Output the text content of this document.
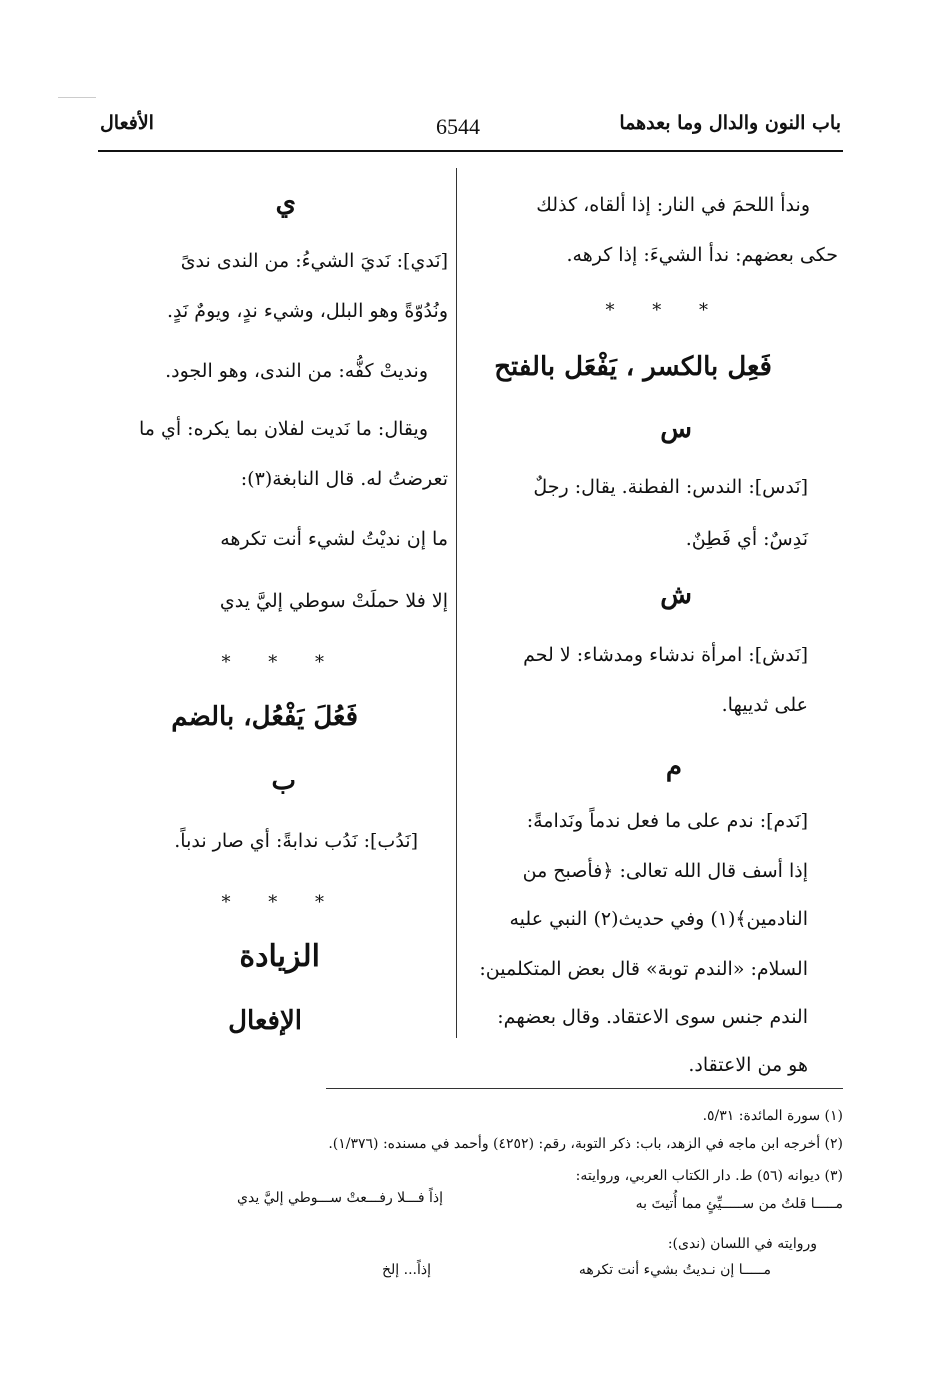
باب النون والدال وما بعدهما
6544
الأفعال
وندأ اللحمَ في النار: إذا ألقاه، كذلك
حكى بعضهم: ندأ الشيءَ: إذا كرهه.
* * *
فَعِل بالكسر ، يَفْعَل بالفتح
س
[نَدس]: الندس: الفطنة. يقال: رجلٌ
نَدِسٌ: أي فَطِنٌ.
ش
[نَدش]: امرأة ندشاء ومدشاء: لا لحم
على ثدييها.
م
[نَدم]: ندم على ما فعل ندماً ونَدامةً:
إذا أسف قال الله تعالى: ﴿فأصبح من
النادمين﴾(١) وفي حديث(٢) النبي عليه
السلام: «الندم توبة» قال بعض المتكلمين:
الندم جنس سوى الاعتقاد. وقال بعضهم:
هو من الاعتقاد.
ي
[نَدي]: نَديَ الشيءُ: من الندى ندىً
ونُدُوّةً وهو البلل، وشيء ندٍ، ويومٌ نَدٍ.
ونديتْ كفُّه: من الندى، وهو الجود.
ويقال: ما نَديت لفلان بما يكره: أي ما
تعرضتُ له. قال النابغة(٣):
ما إن نديْتُ لشيء أنت تكرهه
إلا فلا حملَتْ سوطي إليَّ يدي
* * *
فَعُلَ يَفْعُل، بالضم
ب
[نَدُب]: نَدُب ندابةً: أي صار ندباً.
* * *
الزيادة
الإفعال
(١) سورة المائدة: ٥/٣١.
(٢) أخرجه ابن ماجه في الزهد، باب: ذكر التوبة، رقم: (٤٢٥٢) وأحمد في مسنده: (١/٣٧٦).
(٣) ديوانه (٥٦) ط. دار الكتاب العربي، وروايته:
مـــــا قلتُ من ســـــيِّئٍ مما أُتيتَ به
إذاً فـــلا رفـــعتْ ســـوطي إليَّ يدي
وروايته في اللسان (ندى):
مـــــا إن نـديتُ بشيء أنت تكرهه
إذاً... إلخ
